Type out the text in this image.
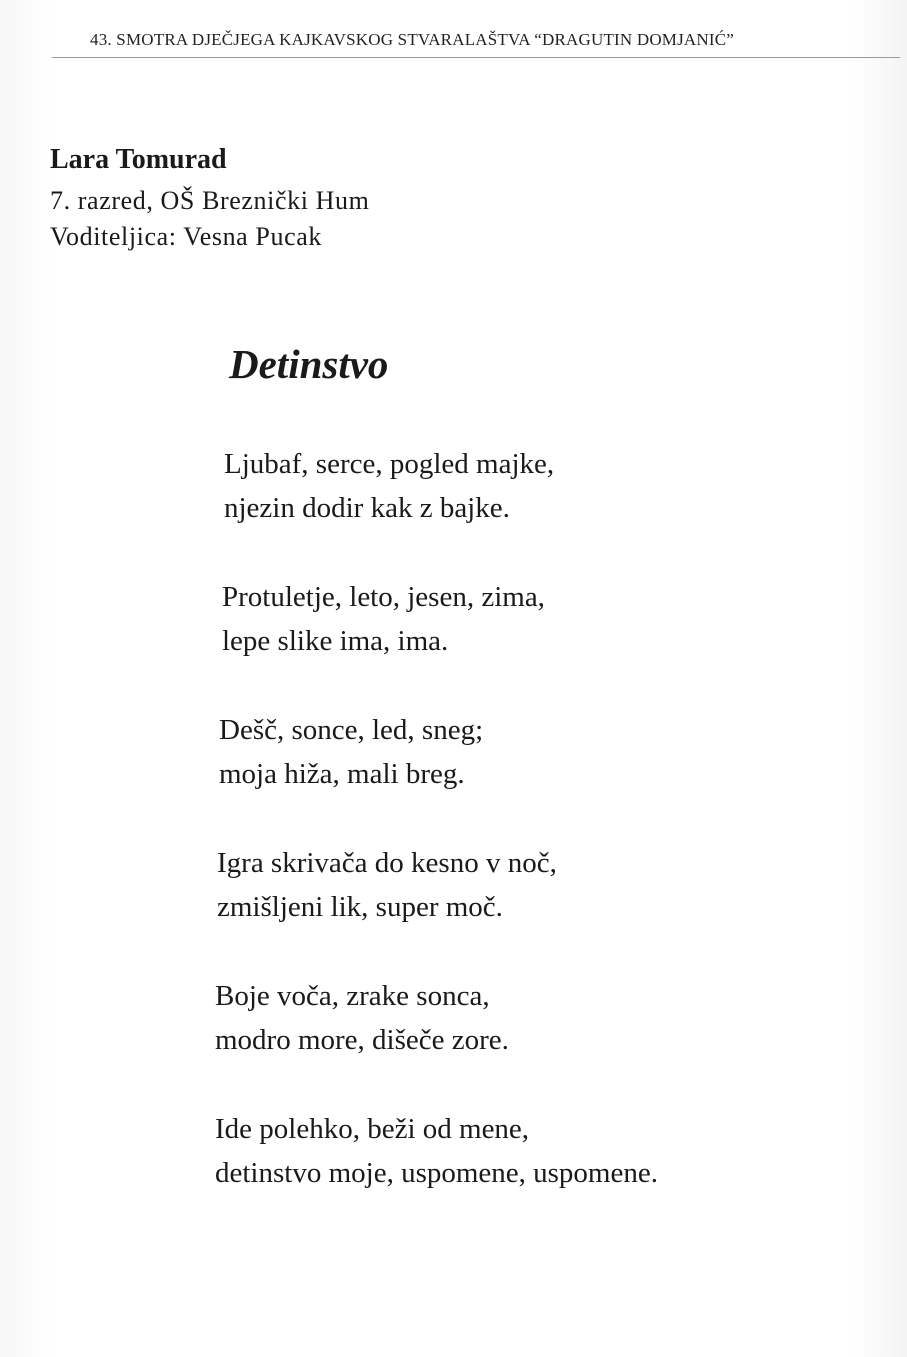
43. SMOTRA DJEČJEGA KAJKAVSKOG STVARALAŠTVA “DRAGUTIN DOMJANIĆ”
Lara Tomurad
7. razred, OŠ Breznički Hum
Voditeljica: Vesna Pucak
Detinstvo
Ljubaf, serce, pogled majke,
njezin dodir kak z bajke.
Protuletje, leto, jesen, zima,
lepe slike ima, ima.
Dešč, sonce, led, sneg;
moja hiža, mali breg.
Igra skrivača do kesno v noč,
zmišljeni lik, super moč.
Boje voča, zrake sonca,
modro more, dišeče zore.
Ide polehko, beži od mene,
detinstvo moje, uspomene, uspomene.
